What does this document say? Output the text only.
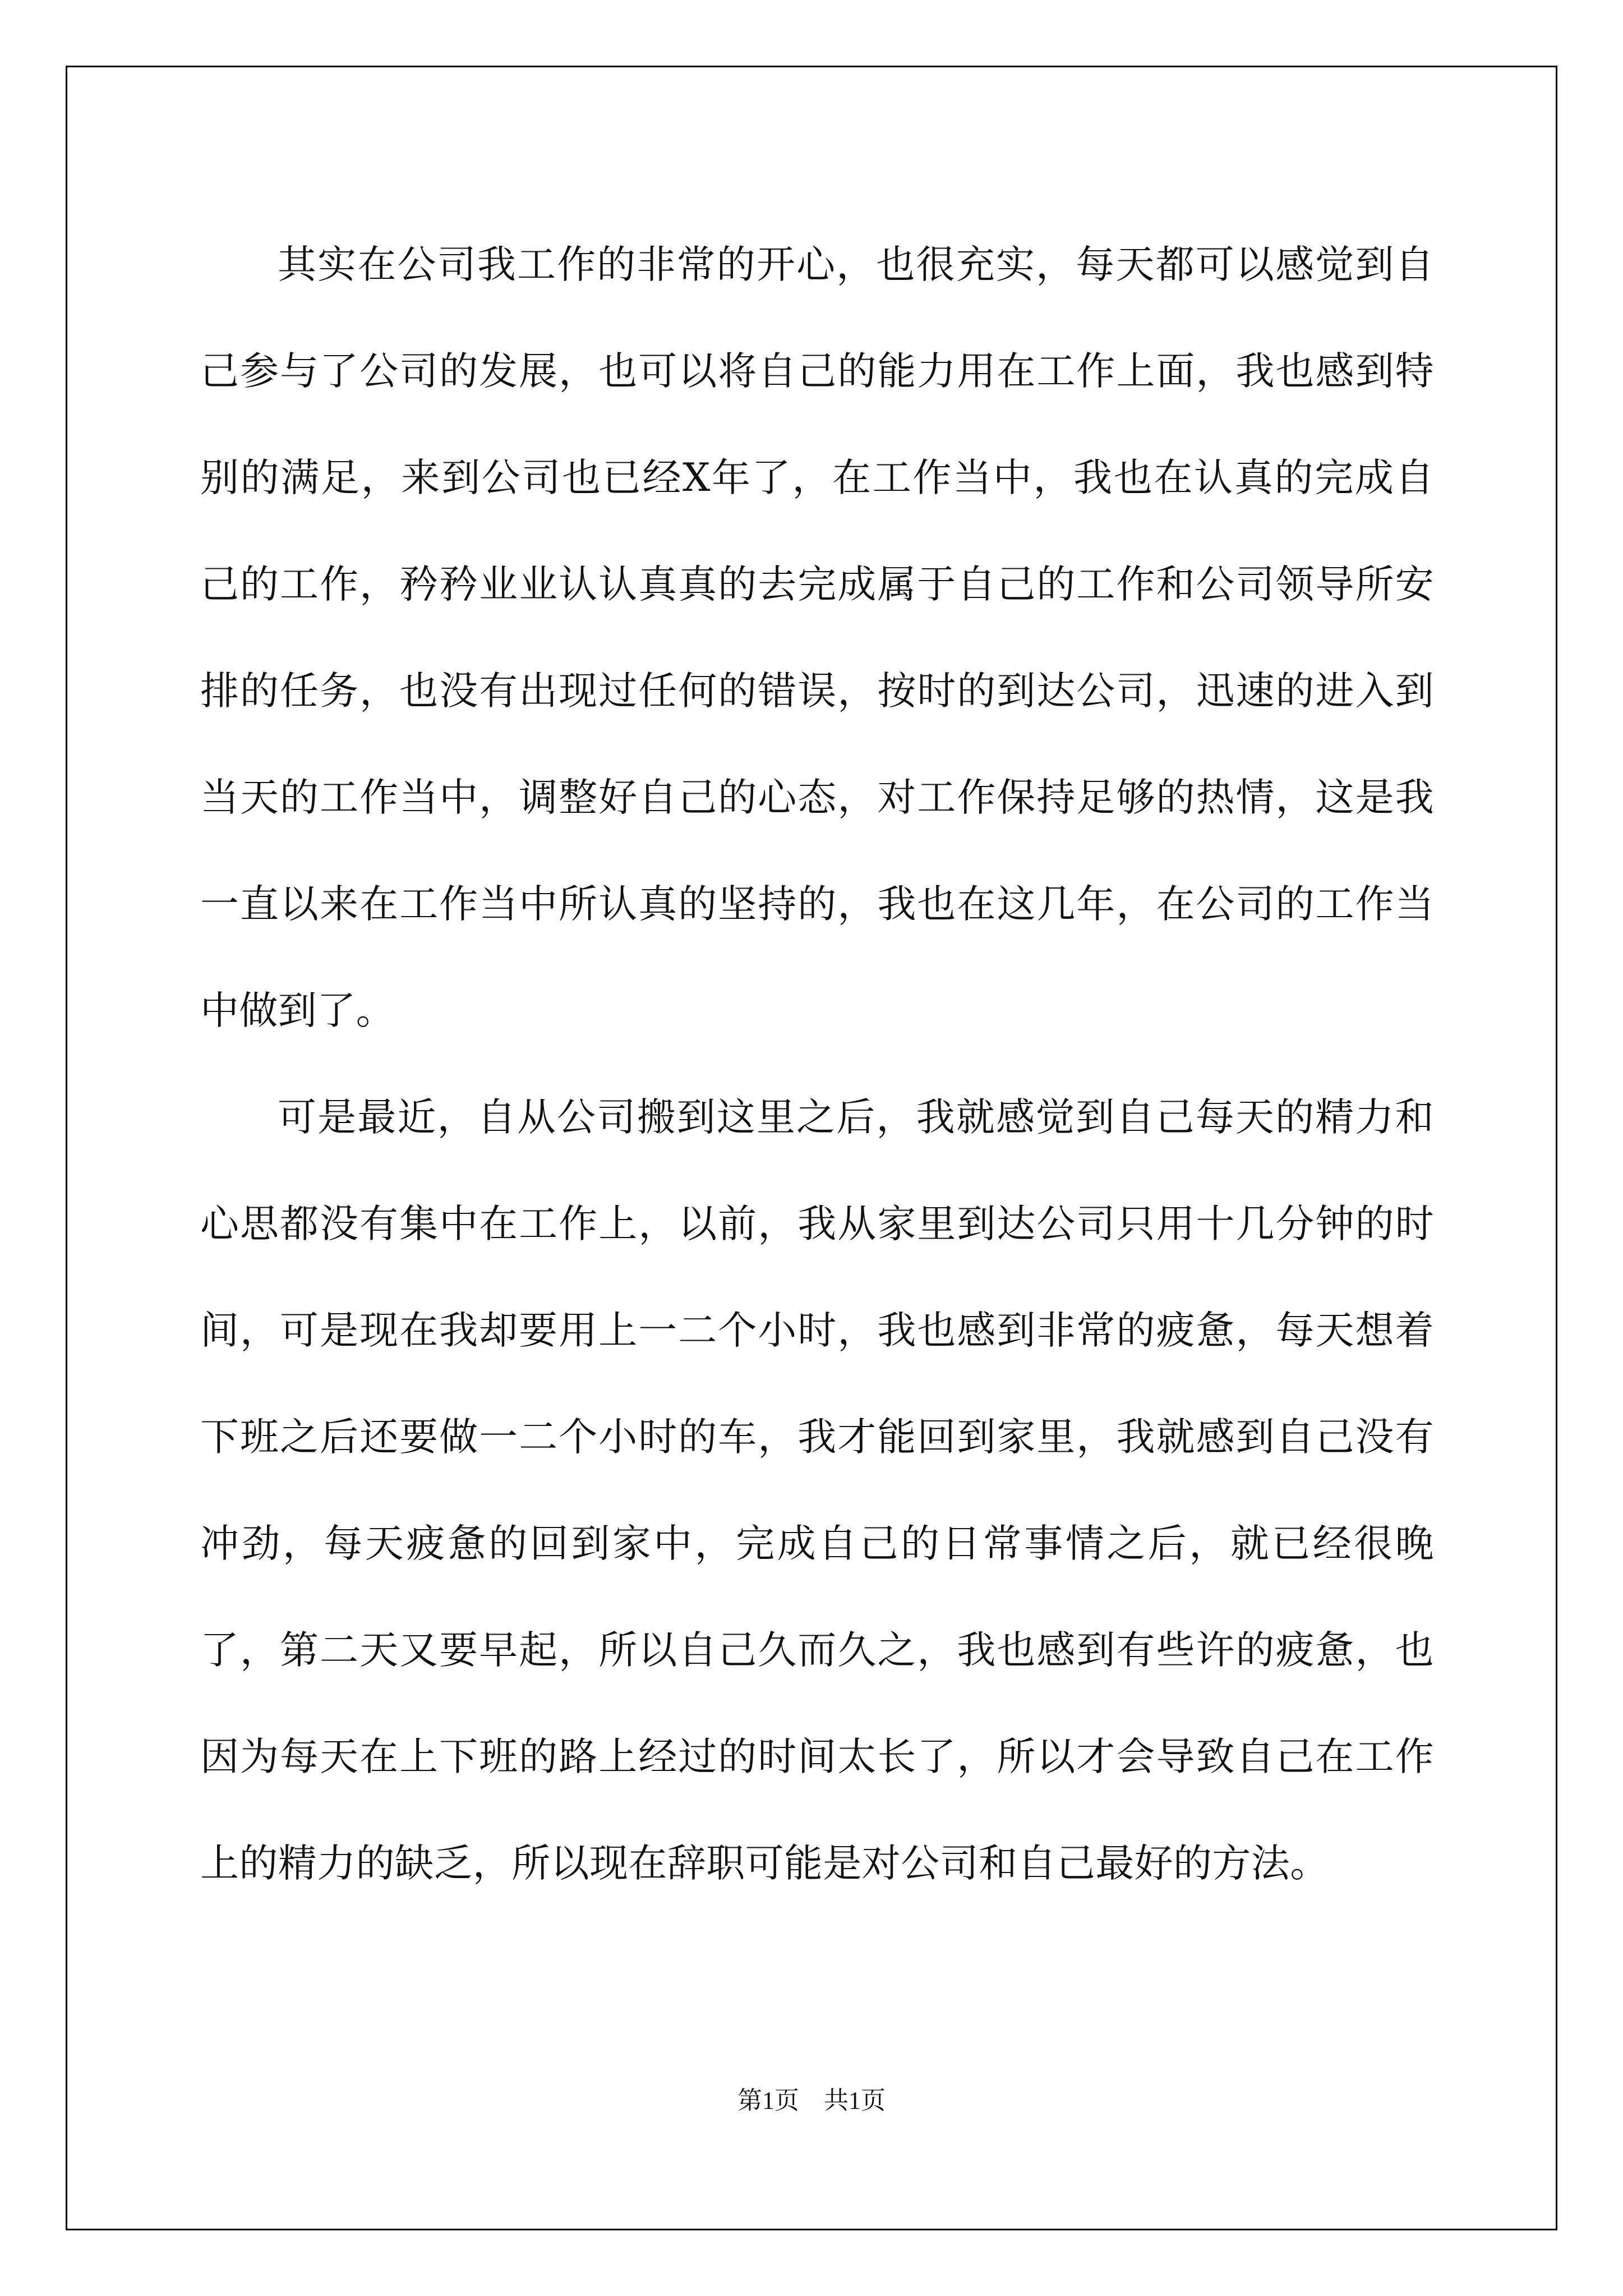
其实在公司我工作的非常的开心，也很充实，每天都可以感觉到自己参与了公司的发展，也可以将自己的能力用在工作上面，我也感到特别的满足，来到公司也已经X年了，在工作当中，我也在认真的完成自己的工作，矜矜业业认认真真的去完成属于自己的工作和公司领导所安排的任务，也没有出现过任何的错误，按时的到达公司，迅速的进入到当天的工作当中，调整好自己的心态，对工作保持足够的热情，这是我一直以来在工作当中所认真的坚持的，我也在这几年，在公司的工作当中做到了。

可是最近，自从公司搬到这里之后，我就感觉到自己每天的精力和心思都没有集中在工作上，以前，我从家里到达公司只用十几分钟的时间，可是现在我却要用上一二个小时，我也感到非常的疲惫，每天想着下班之后还要做一二个小时的车，我才能回到家里，我就感到自己没有冲劲，每天疲惫的回到家中，完成自己的日常事情之后，就已经很晚了，第二天又要早起，所以自己久而久之，我也感到有些许的疲惫，也因为每天在上下班的路上经过的时间太长了，所以才会导致自己在工作上的精力的缺乏，所以现在辞职可能是对公司和自己最好的方法。

第1页　共1页
